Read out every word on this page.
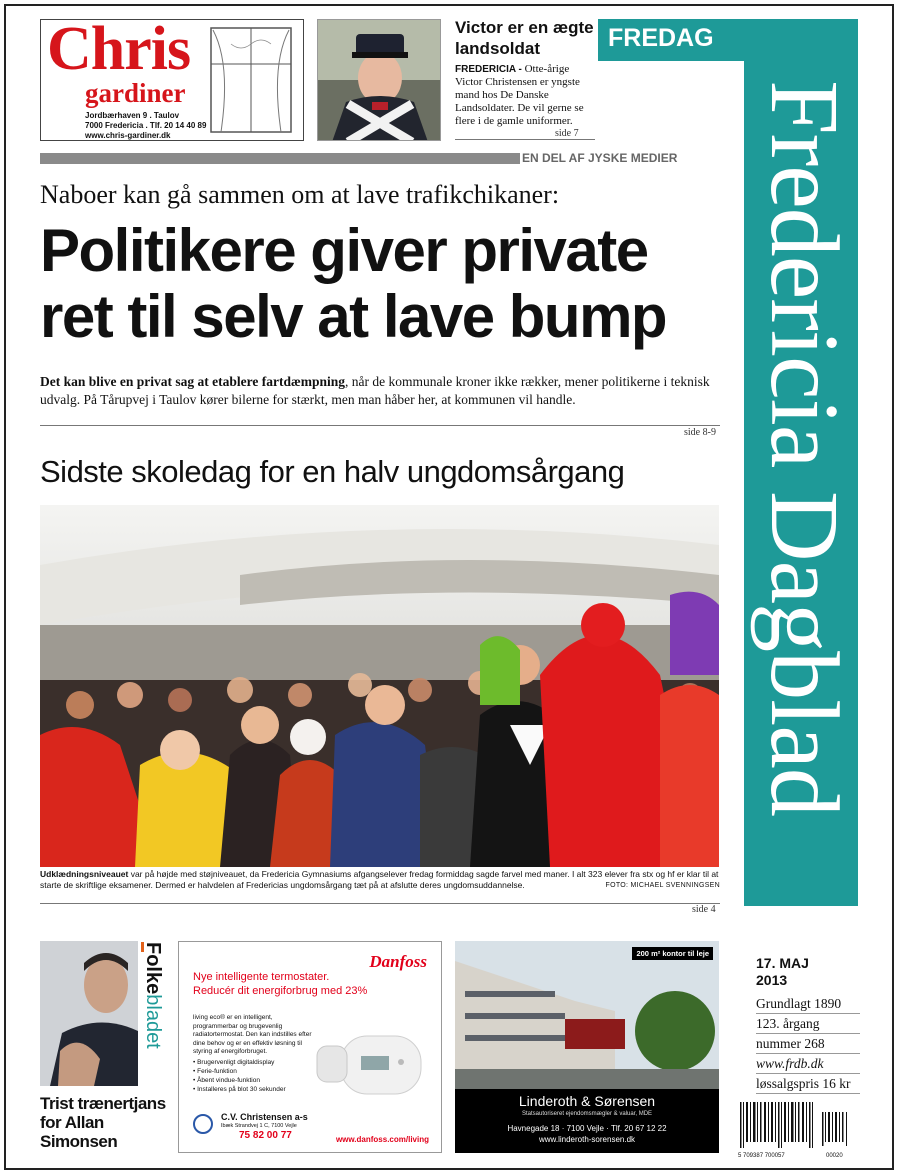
Chris
gardiner
Jordbærhaven 9 . Taulov
7000 Fredericia . Tlf. 20 14 40 89
www.chris-gardiner.dk
Victor er en ægte landsoldat
FREDERICIA - Otte-årige Victor Christensen er yngste mand hos De Danske Landsoldater. De vil gerne se flere i de gamle uniformer.
side 7
FREDAG
Fredericia Dagblad
EN DEL AF JYSKE MEDIER
Naboer kan gå sammen om at lave trafikchikaner:
Politikere giver private ret til selv at lave bump
Det kan blive en privat sag at etablere fartdæmpning, når de kommunale kroner ikke rækker, mener politikerne i teknisk udvalg. På Tårupvej i Taulov kører bilerne for stærkt, men man håber her, at kommunen vil handle.
side 8-9
Sidste skoledag for en halv ungdomsårgang
Udklædningsniveauet var på højde med støjniveauet, da Fredericia Gymnasiums afgangselever fredag formiddag sagde farvel med maner. I alt 323 elever fra stx og hf er klar til at starte de skriftlige eksamener. Dermed er halvdelen af Fredericias ungdomsårgang tæt på at afslutte deres ungdomsuddannelse.	FOTO: MICHAEL SVENNINGSEN
side 4
Folkebladet
Trist trænertjans for Allan Simonsen
Danfoss
Nye intelligente termostater.
Reducér dit energiforbrug med 23%
living eco® er en intelligent, programmerbar og brugevenlig radiatortermostat. Den kan indstilles efter dine behov og er en effektiv løsning til styring af energiforbruget.
• Brugervenligt digitaldisplay
• Ferie-funktion
• Åbent vindue-funktion
• Installeres på blot 30 sekunder
C.V. Christensen a-s
Ibæk Strandvej 1 C, 7100 Vejle
75 82 00 77	www.danfoss.com/living
200 m² kontor til leje
Linderoth & Sørensen
Statsautoriseret ejendomsmægler & valuar, MDE
Havnegade 18 · 7100 Vejle · Tlf. 20 67 12 22
www.linderoth-sorensen.dk
17. MAJ
2013
Grundlagt 1890
123. årgang
nummer 268
www.frdb.dk
løssalgspris 16 kr
5 709387 700057	00020
